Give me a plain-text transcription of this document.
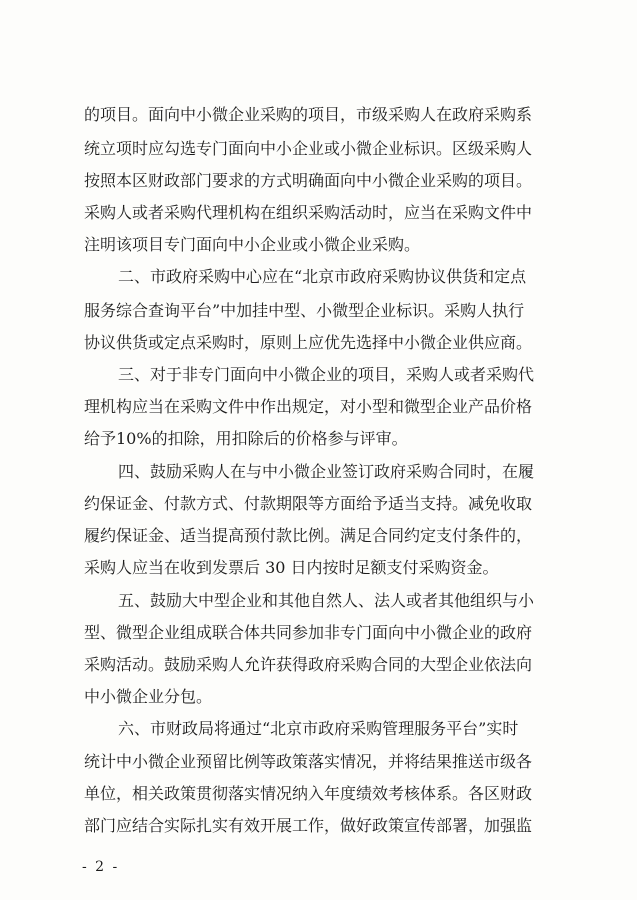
的项目。面向中小微企业采购的项目，市级采购人在政府采购系
统立项时应勾选专门面向中小企业或小微企业标识。区级采购人
按照本区财政部门要求的方式明确面向中小微企业采购的项目。
采购人或者采购代理机构在组织采购活动时，应当在采购文件中
注明该项目专门面向中小企业或小微企业采购。
二、市政府采购中心应在“北京市政府采购协议供货和定点
服务综合查询平台”中加挂中型、小微型企业标识。采购人执行
协议供货或定点采购时，原则上应优先选择中小微企业供应商。
三、对于非专门面向中小微企业的项目，采购人或者采购代
理机构应当在采购文件中作出规定，对小型和微型企业产品价格
给予10%的扣除，用扣除后的价格参与评审。
四、鼓励采购人在与中小微企业签订政府采购合同时，在履
约保证金、付款方式、付款期限等方面给予适当支持。减免收取
履约保证金、适当提高预付款比例。满足合同约定支付条件的，
采购人应当在收到发票后 30 日内按时足额支付采购资金。
五、鼓励大中型企业和其他自然人、法人或者其他组织与小
型、微型企业组成联合体共同参加非专门面向中小微企业的政府
采购活动。鼓励采购人允许获得政府采购合同的大型企业依法向
中小微企业分包。
六、市财政局将通过“北京市政府采购管理服务平台”实时
统计中小微企业预留比例等政策落实情况，并将结果推送市级各
单位，相关政策贯彻落实情况纳入年度绩效考核体系。各区财政
部门应结合实际扎实有效开展工作，做好政策宣传部署，加强监
- 2 -
